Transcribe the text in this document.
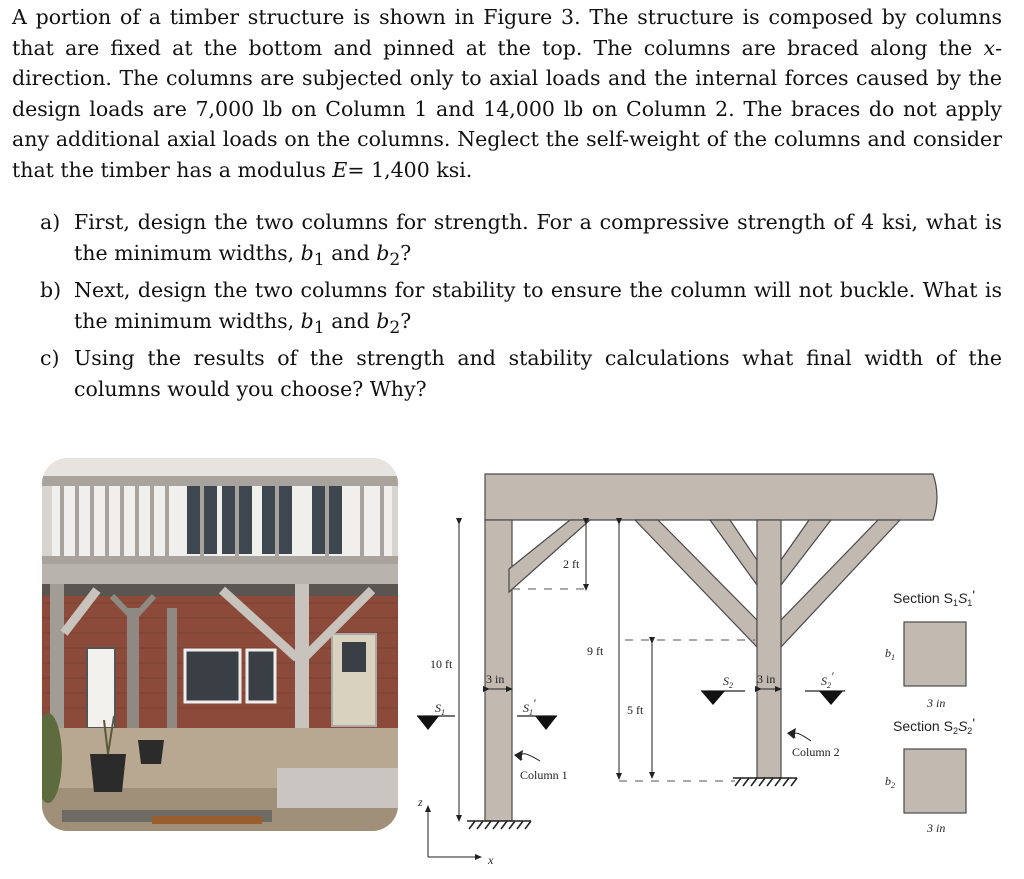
A portion of a timber structure is shown in Figure 3. The structure is composed by columns that are fixed at the bottom and pinned at the top. The columns are braced along the x-direction. The columns are subjected only to axial loads and the internal forces caused by the design loads are 7,000 lb on Column 1 and 14,000 lb on Column 2. The braces do not apply any additional axial loads on the columns. Neglect the self-weight of the columns and consider that the timber has a modulus E= 1,400 ksi.

a) First, design the two columns for strength. For a compressive strength of 4 ksi, what is the minimum widths, $b_1$ and $b_2$?
b) Next, design the two columns for stability to ensure the column will not buckle. What is the minimum widths, $b_1$ and $b_2$?
c) Using the results of the strength and stability calculations what final width of the columns would you choose? Why?
10 ft
2 ft
9 ft
5 ft
3 in	3 in
$S_1$	$S_1'$
$S_2$	$S_2'$
Column 1
Column 2
z
x
Section $S_1S_1'$
$b_1$
3 in
Section $S_2S_2'$
$b_2$
3 in
